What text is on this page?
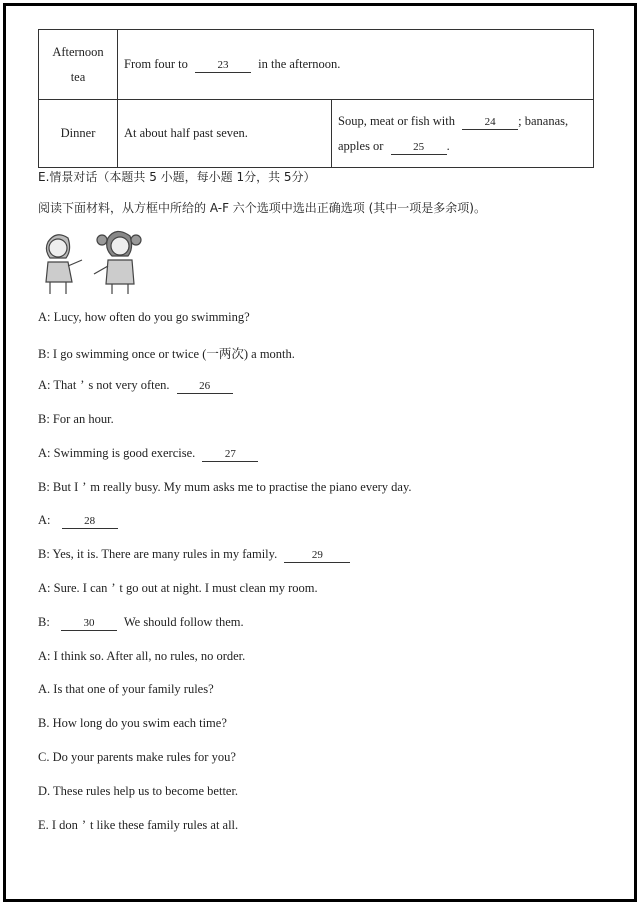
Afternoon
tea	From four to 23 in the afternoon.	
Dinner	At about half past seven.	Soup, meat or fish with 24 ; bananas,
apples or 25 .
E.情景对话（本题共 5 小题，每小题 1分，共 5分）
阅读下面材料，从方框中所给的 A-F 六个选项中选出正确选项 (其中一项是多余项)。
A: Lucy, how often do you go swimming?
B: I go swimming once or twice (一两次) a month.
A: That ’ s not very often.	26
B: For an hour.
A: Swimming is good exercise.	27
B: But I ’ m really busy. My mum asks me to practise the piano every day.
A:	28
B: Yes, it is. There are many rules in my family.	29
A: Sure. I can ’ t go out at night. I must clean my room.
B:	30 We should follow them.
A: I think so. After all, no rules, no order.
A. Is that one of your family rules?
B. How long do you swim each time?
C. Do your parents make rules for you?
D. These rules help us to become better.
E. I don ’ t like these family rules at all.
